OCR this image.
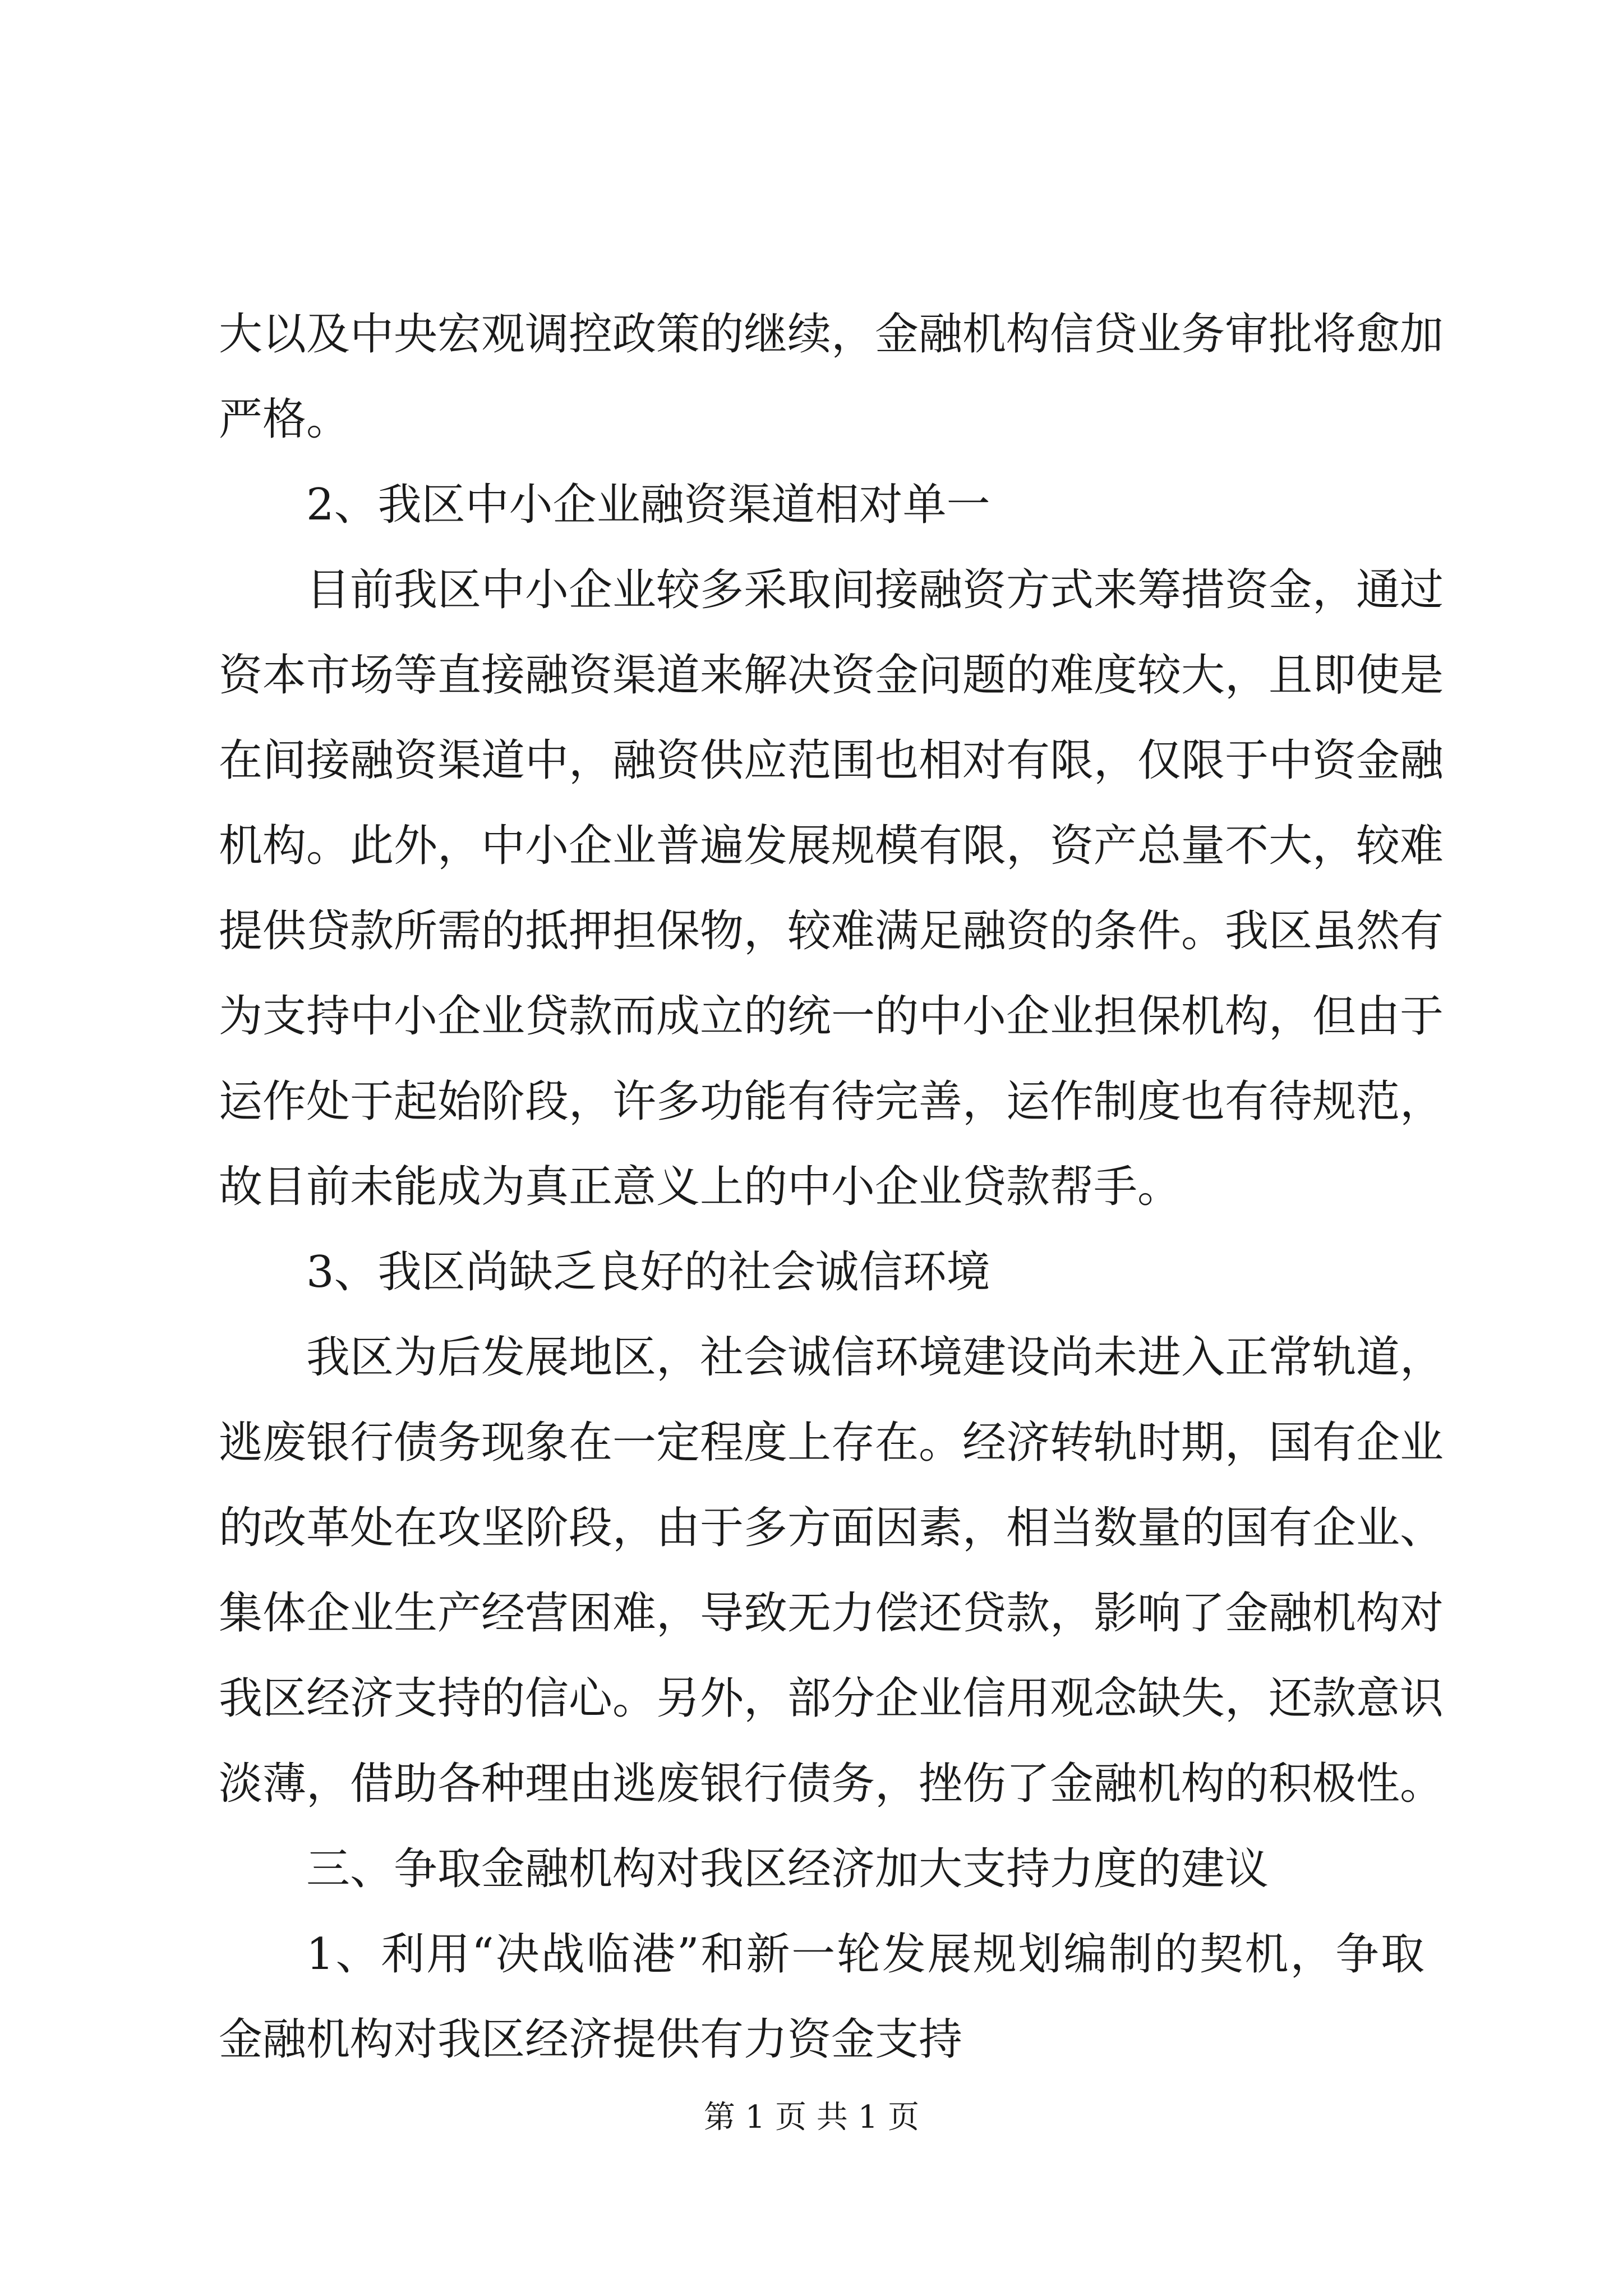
大以及中央宏观调控政策的继续，金融机构信贷业务审批将愈加
严格。
2、我区中小企业融资渠道相对单一
目前我区中小企业较多采取间接融资方式来筹措资金，通过
资本市场等直接融资渠道来解决资金问题的难度较大，且即使是
在间接融资渠道中，融资供应范围也相对有限，仅限于中资金融
机构。此外，中小企业普遍发展规模有限，资产总量不大，较难
提供贷款所需的抵押担保物，较难满足融资的条件。我区虽然有
为支持中小企业贷款而成立的统一的中小企业担保机构，但由于
运作处于起始阶段，许多功能有待完善，运作制度也有待规范，
故目前未能成为真正意义上的中小企业贷款帮手。
3、我区尚缺乏良好的社会诚信环境
我区为后发展地区，社会诚信环境建设尚未进入正常轨道，
逃废银行债务现象在一定程度上存在。经济转轨时期，国有企业
的改革处在攻坚阶段，由于多方面因素，相当数量的国有企业、
集体企业生产经营困难，导致无力偿还贷款，影响了金融机构对
我区经济支持的信心。另外，部分企业信用观念缺失，还款意识
淡薄，借助各种理由逃废银行债务，挫伤了金融机构的积极性。
三、争取金融机构对我区经济加大支持力度的建议
1、利用“决战临港”和新一轮发展规划编制的契机，争取
金融机构对我区经济提供有力资金支持
第 1 页 共 1 页
